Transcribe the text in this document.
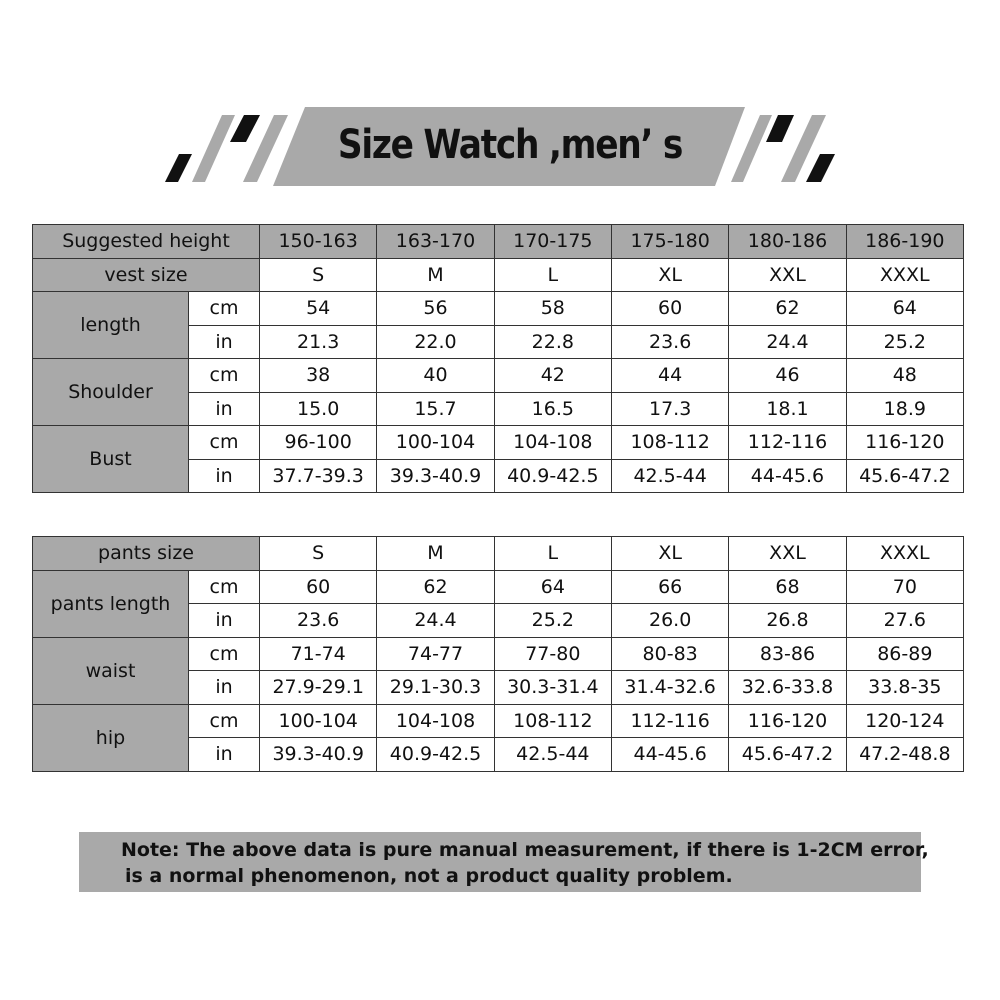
Size Watch ,men’ s
Suggested height		150-163	163-170	170-175	175-180	180-186	186-190
vest size		S	M	L	XL	XXL	XXXL
length	cm	54	56	58	60	62	64
	in	21.3	22.0	22.8	23.6	24.4	25.2
Shoulder	cm	38	40	42	44	46	48
	in	15.0	15.7	16.5	17.3	18.1	18.9
Bust	cm	96-100	100-104	104-108	108-112	112-116	116-120
	in	37.7-39.3	39.3-40.9	40.9-42.5	42.5-44	44-45.6	45.6-47.2
pants size		S	M	L	XL	XXL	XXXL
pants length	cm	60	62	64	66	68	70
	in	23.6	24.4	25.2	26.0	26.8	27.6
waist	cm	71-74	74-77	77-80	80-83	83-86	86-89
	in	27.9-29.1	29.1-30.3	30.3-31.4	31.4-32.6	32.6-33.8	33.8-35
hip	cm	100-104	104-108	108-112	112-116	116-120	120-124
	in	39.3-40.9	40.9-42.5	42.5-44	44-45.6	45.6-47.2	47.2-48.8
Note: The above data is pure manual measurement, if there is 1-2CM error,
is a normal phenomenon, not a product quality problem.
